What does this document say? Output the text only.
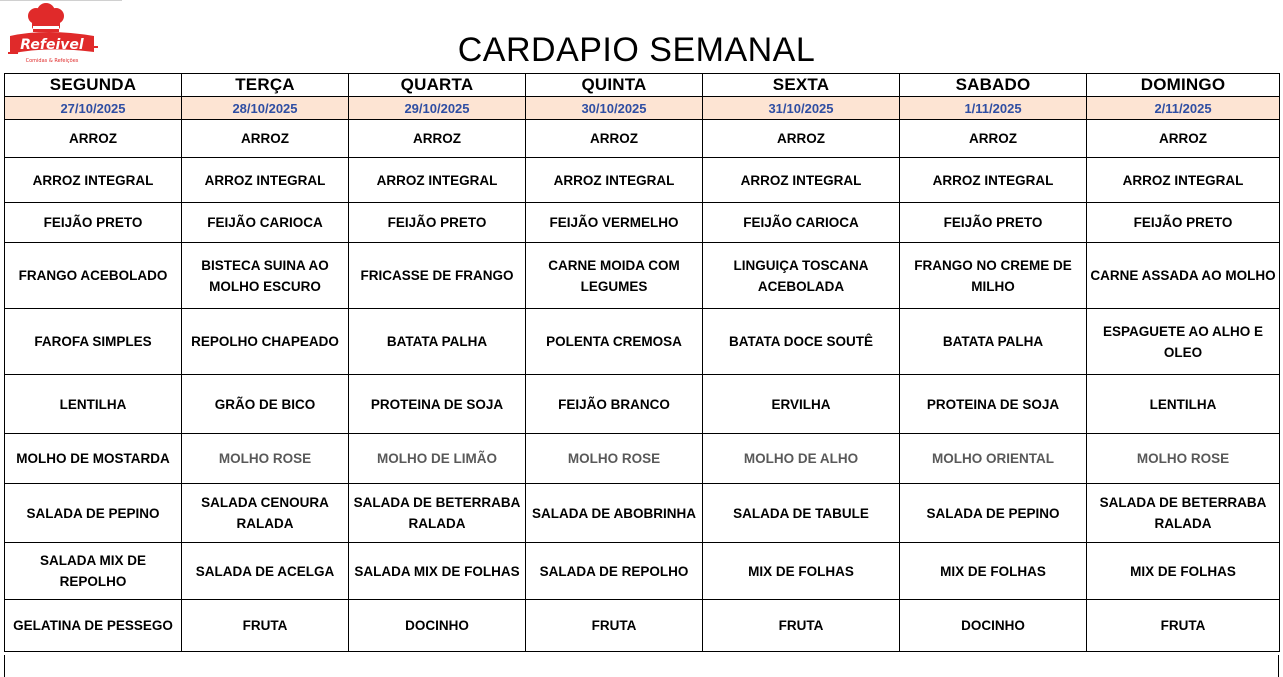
Refeivel
Comidas & Refeições	CARDAPIO SEMANAL
SEGUNDA	TERÇA	QUARTA	QUINTA	SEXTA	SABADO	DOMINGO
27/10/2025	28/10/2025	29/10/2025	30/10/2025	31/10/2025	1/11/2025	2/11/2025
ARROZ	ARROZ	ARROZ	ARROZ	ARROZ	ARROZ	ARROZ
ARROZ INTEGRAL	ARROZ INTEGRAL	ARROZ INTEGRAL	ARROZ INTEGRAL	ARROZ INTEGRAL	ARROZ INTEGRAL	ARROZ INTEGRAL
FEIJÃO PRETO	FEIJÃO CARIOCA	FEIJÃO PRETO	FEIJÃO VERMELHO	FEIJÃO CARIOCA	FEIJÃO PRETO	FEIJÃO PRETO
FRANGO ACEBOLADO	BISTECA SUINA AO MOLHO ESCURO	FRICASSE DE FRANGO	CARNE MOIDA COM LEGUMES	LINGUIÇA TOSCANA ACEBOLADA	FRANGO NO CREME DE MILHO	CARNE ASSADA AO MOLHO
FAROFA SIMPLES	REPOLHO CHAPEADO	BATATA PALHA	POLENTA CREMOSA	BATATA DOCE SOUTÊ	BATATA PALHA	ESPAGUETE AO ALHO E OLEO
LENTILHA	GRÃO DE BICO	PROTEINA DE SOJA	FEIJÃO BRANCO	ERVILHA	PROTEINA DE SOJA	LENTILHA
MOLHO DE MOSTARDA	MOLHO ROSE	MOLHO DE LIMÃO	MOLHO ROSE	MOLHO DE ALHO	MOLHO ORIENTAL	MOLHO ROSE
SALADA DE PEPINO	SALADA CENOURA RALADA	SALADA DE BETERRABA RALADA	SALADA DE ABOBRINHA	SALADA DE TABULE	SALADA DE PEPINO	SALADA DE BETERRABA RALADA
SALADA MIX DE REPOLHO	SALADA DE ACELGA	SALADA MIX DE FOLHAS	SALADA DE REPOLHO	MIX DE FOLHAS	MIX DE FOLHAS	MIX DE FOLHAS
GELATINA DE PESSEGO	FRUTA	DOCINHO	FRUTA	FRUTA	DOCINHO	FRUTA
